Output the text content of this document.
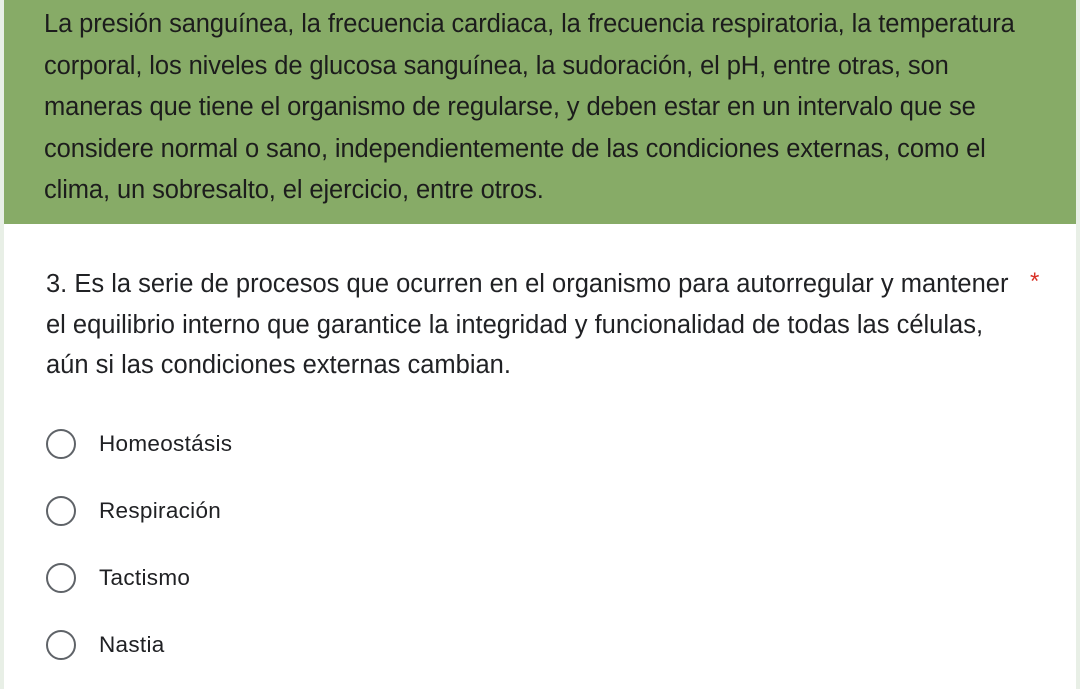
La presión sanguínea, la frecuencia cardiaca, la frecuencia respiratoria, la temperatura corporal, los niveles de glucosa sanguínea, la sudoración, el pH, entre otras, son maneras que tiene el organismo de regularse, y deben estar en un intervalo que se considere normal o sano, independientemente de las condiciones externas, como el clima, un sobresalto, el ejercicio, entre otros.

3. Es la serie de procesos que ocurren en el organismo para autorregular y mantener el equilibrio interno que garantice la integridad y funcionalidad de todas las células, aún si las condiciones externas cambian.

*
Homeostásis
Respiración
Tactismo
Nastia
